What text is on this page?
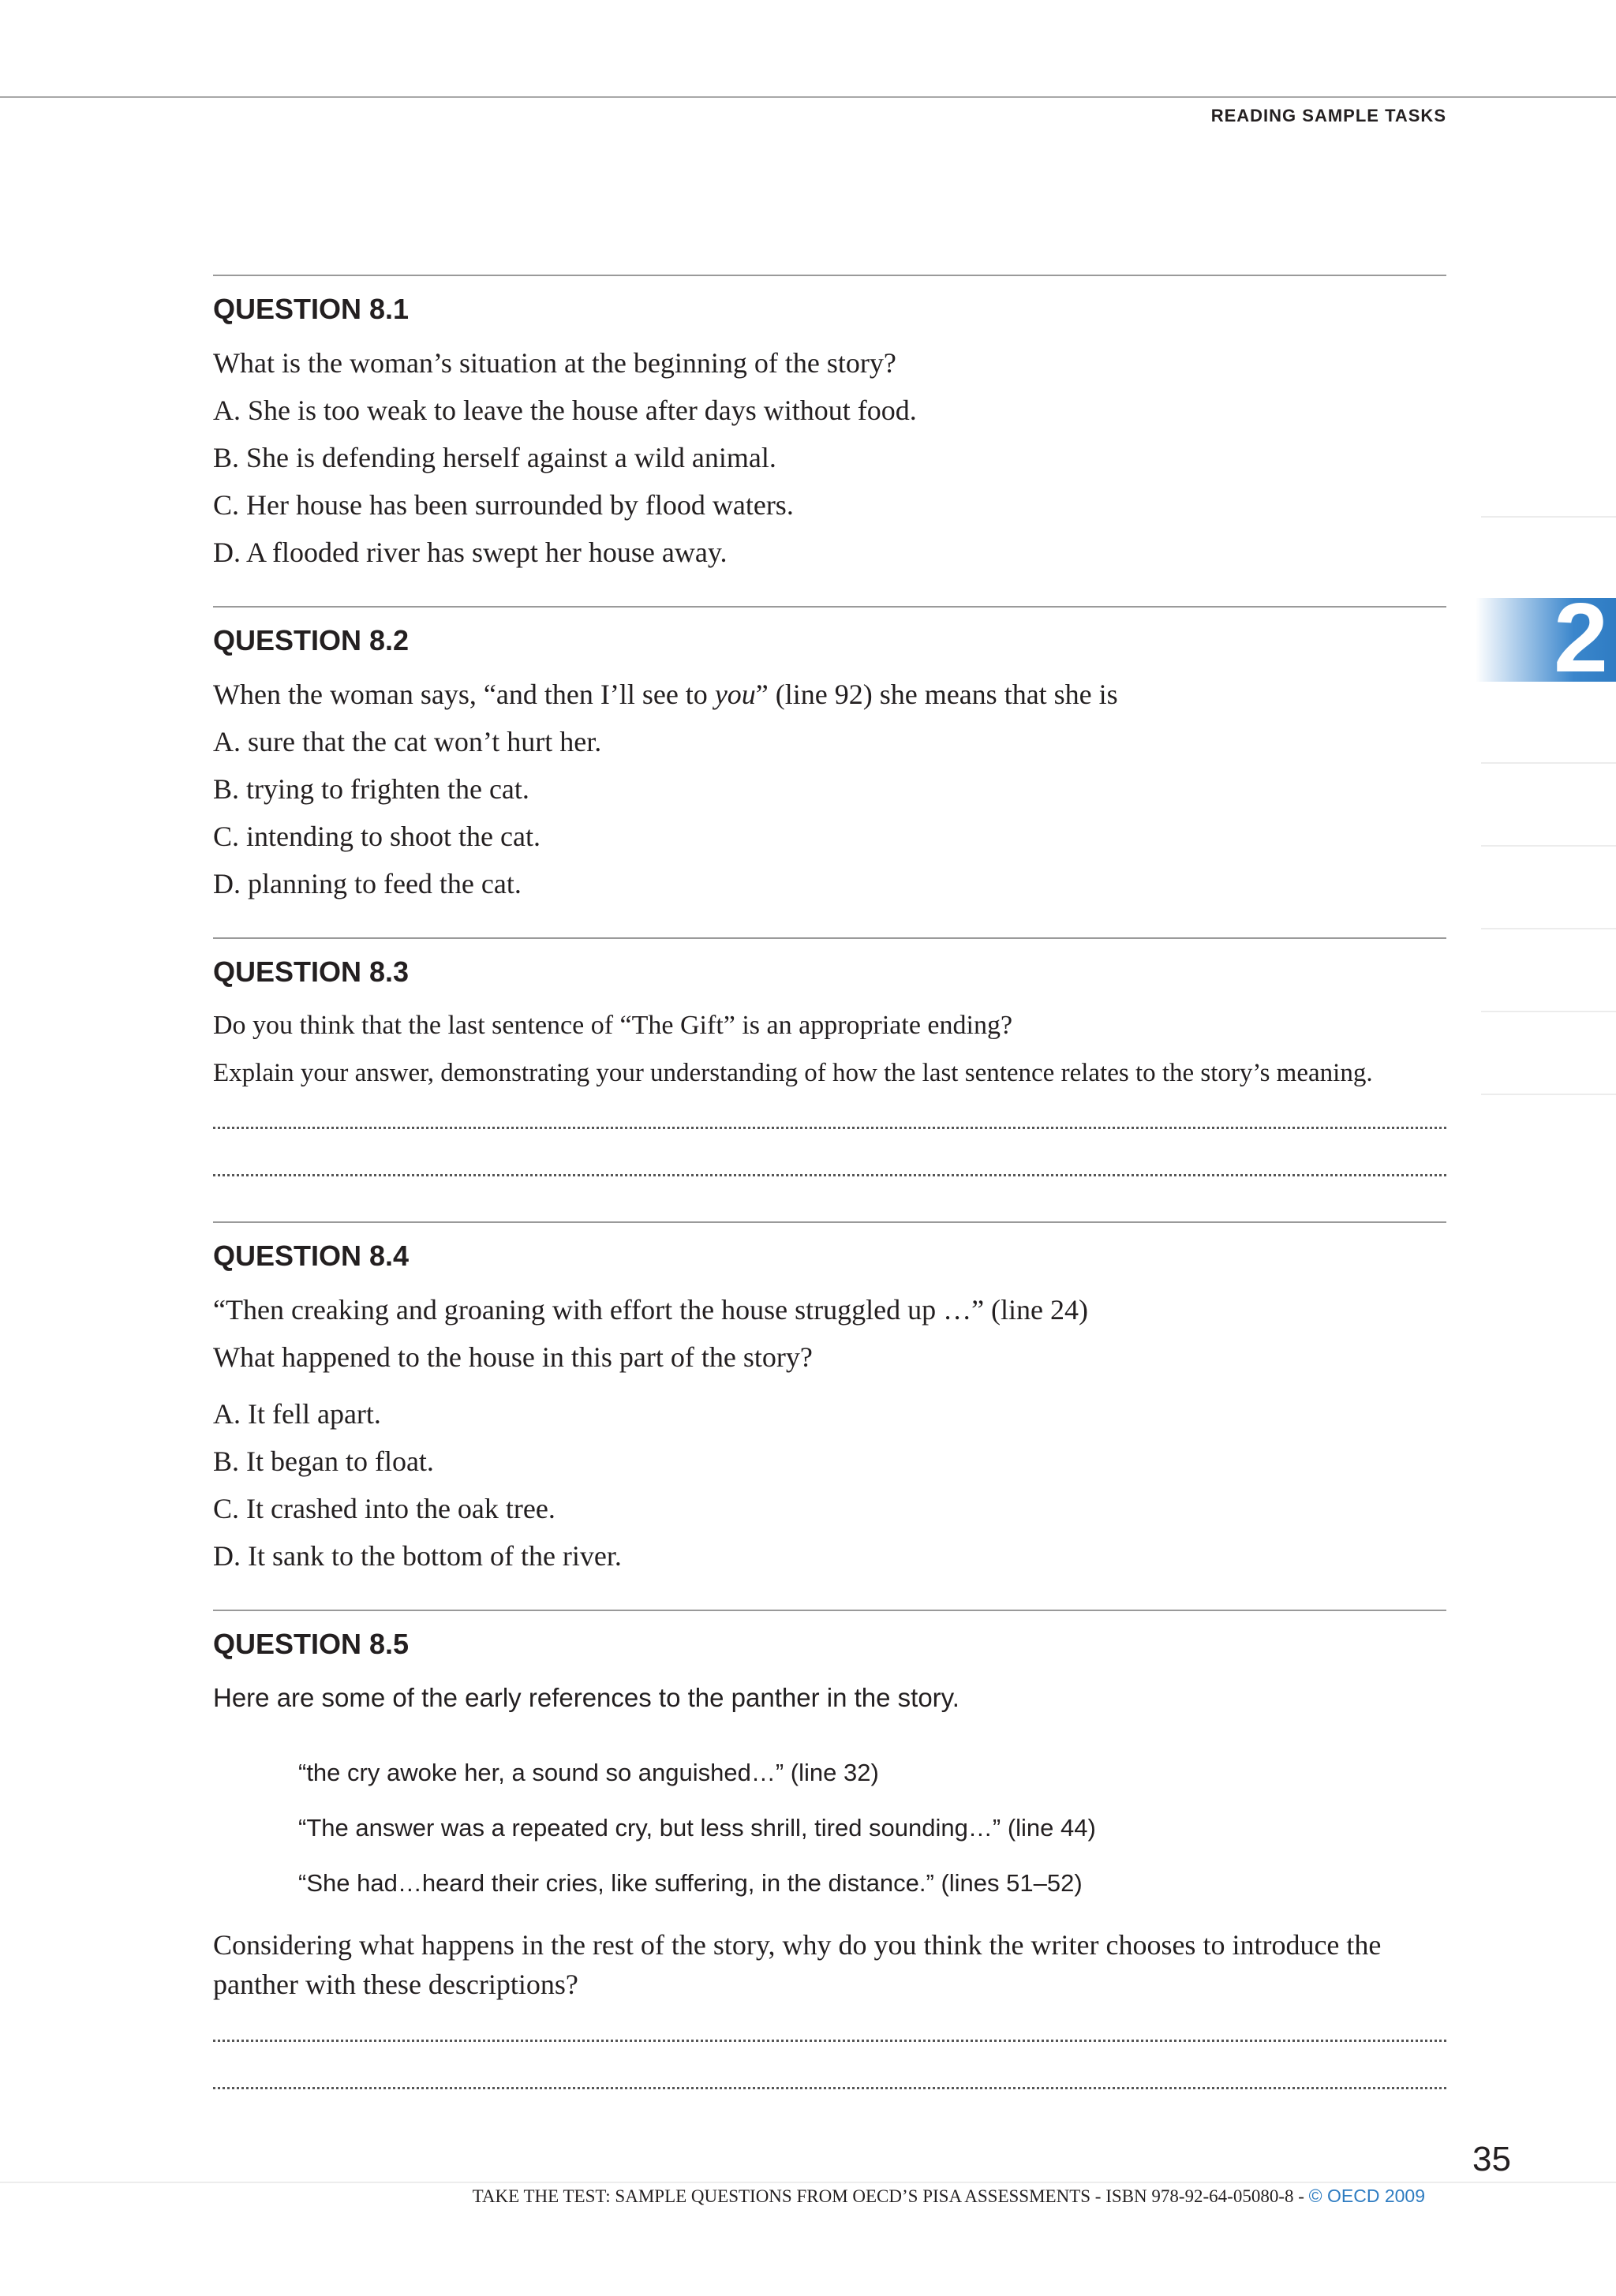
READING SAMPLE TASKS
2
QUESTION 8.1
What is the woman’s situation at the beginning of the story?
A. She is too weak to leave the house after days without food.
B. She is defending herself against a wild animal.
C. Her house has been surrounded by flood waters.
D. A flooded river has swept her house away.
QUESTION 8.2
When the woman says, “and then I’ll see to you” (line 92) she means that she is
A. sure that the cat won’t hurt her.
B. trying to frighten the cat.
C. intending to shoot the cat.
D. planning to feed the cat.
QUESTION 8.3
Do you think that the last sentence of “The Gift” is an appropriate ending?
Explain your answer, demonstrating your understanding of how the last sentence relates to the story’s meaning.
QUESTION 8.4
“Then creaking and groaning with effort the house struggled up …” (line 24)
What happened to the house in this part of the story?
A. It fell apart.
B. It began to float.
C. It crashed into the oak tree.
D. It sank to the bottom of the river.
QUESTION 8.5
Here are some of the early references to the panther in the story.
“the cry awoke her, a sound so anguished…” (line 32)
“The answer was a repeated cry, but less shrill, tired sounding…” (line 44)
“She had…heard their cries, like suffering, in the distance.” (lines 51–52)
Considering what happens in the rest of the story, why do you think the writer chooses to introduce the panther with these descriptions?
35
TAKE THE TEST: SAMPLE QUESTIONS FROM OECD’S PISA ASSESSMENTS - ISBN 978-92-64-05080-8 - © OECD 2009
